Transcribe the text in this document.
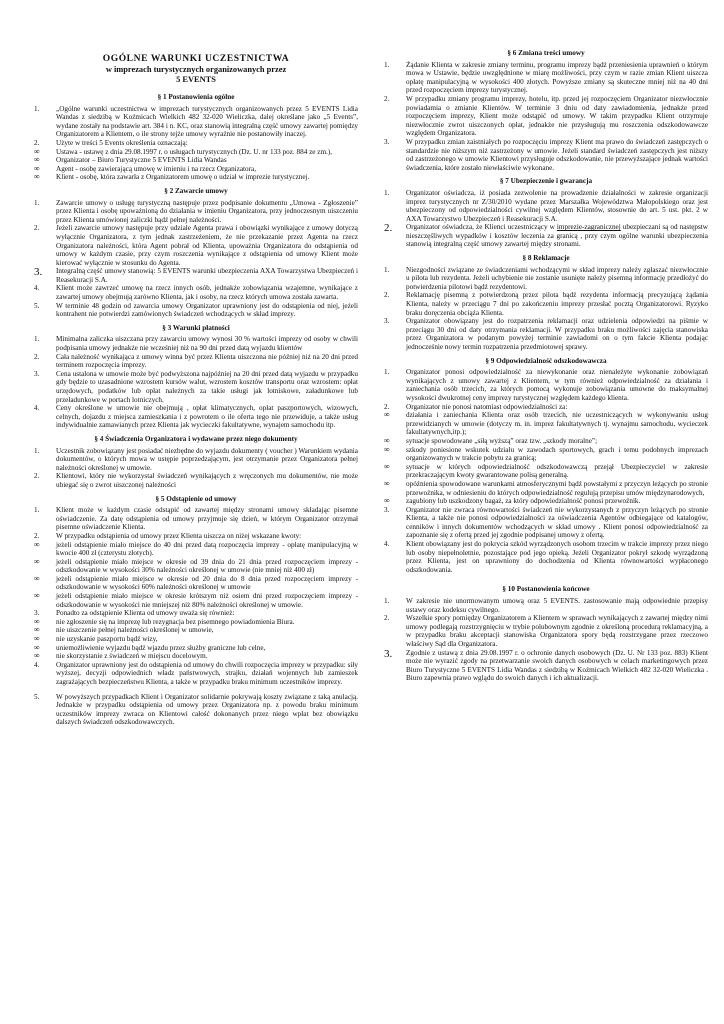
OGÓLNE WARUNKI UCZESTNICTWA
w imprezach turystycznych organizowanych przez
5 EVENTS
§ 1 Postanowienia ogólne
1.	„Ogólne warunki uczestnictwa w imprezach turystycznych organizowanych przez 5 EVENTS Lidia Wandas z siedzibą w Koźmicach Wielkich 482 32-020 Wieliczka, dalej określane jako „5 Events”, wydane zostały na podstawie art. 384 i n. KC, oraz stanowią integralną część umowy zawartej pomiędzy Organizatorem a Klientem, o ile strony tejże umowy wyraźnie nie postanowiły inaczej.
2.	Użyte w treści 5 Events określenia oznaczają:
∞	Ustawa - ustawę z dnia 29.08.1997 r. o usługach turystycznych (Dz. U. nr 133 poz. 884 ze zm.),
∞	Organizator – Biuro Turystyczne 5 EVENTS Lidia Wandas
∞	Agent - osobę zawierającą umowę w imieniu i na rzecz Organizatora,
∞	Klient - osobę, która zawarła z Organizatorem umowę o udział w imprezie turystycznej.
§ 2 Zawarcie umowy
1.	Zawarcie umowy o usługę turystyczną następuje przez podpisanie dokumentu „Umowa - Zgłoszenie” przez Klienta i osobę upoważnioną do działania w imieniu Organizatora, przy jednoczesnym uiszczeniu przez Klienta umówionej zaliczki bądź pełnej należności.
2.	Jeżeli zawarcie umowy następuje przy udziale Agenta prawa i obowiązki wynikające z umowy dotyczą wyłącznie Organizatora, z tym jednak zastrzeżeniem, że nie przekazanie przez Agenta na rzecz Organizatora należności, która Agent pobrał od Klienta, upoważnia Organizatora do odstąpienia od umowy w każdym czasie, przy czym roszczenia wynikające z odstąpienia od umowy Klient może kierować wyłącznie w stosunku do Agenta.
3.	Integralną część umowy stanowią: 5 EVENTS warunki ubezpieczenia AXA Towarzystwa Ubezpieczeń i Reasekuracji S.A.
4.	Klient może zawrzeć umowę na rzecz innych osób, jednakże zobowiązania wzajemne, wynikające z zawartej umowy obejmują zarówno Klienta, jak i osoby, na rzecz których umowa została zawarta.
5.	W terminie 48 godzin od zawarcia umowy Organizator uprawniony jest do odstąpienia od niej, jeżeli kontrahent nie potwierdzi zamówionych świadczeń wchodzących w skład imprezy.
§ 3 Warunki płatności
1.	Minimalna zaliczka uiszczana przy zawarciu umowy wynosi 30 % wartości imprezy od osoby w chwili podpisania umowy jednakże nie wcześniej niż na 90 dni przed datą wyjazdu klientów
2.	Cała należność wynikająca z umowy winna być przez Klienta uiszczona nie później niż na 20 dni przed terminem rozpoczęcia imprezy.
3.	Cena ustalona w umowie może być podwyższona najpóźniej na 20 dni przed datą wyjazdu w przypadku gdy będzie to uzasadnione wzrostem kursów walut, wzrostem kosztów transportu oraz wzrostem: opłat urzędowych, podatków lub opłat należnych za takie usługi jak lotniskowe, załadunkowe lub przeładunkowe w portach lotniczych.
4.	Ceny określone w umowie nie obejmują , opłat klimatycznych, opłat paszportowych, wizowych, celnych, dojazdu z miejsca zamieszkania i z powrotem o ile oferta tego nie przewiduje, a także usług indywidualnie zamawianych przez Klienta jak wycieczki fakultatywne, wynajem samochodu itp.
§ 4 Świadczenia Organizatora i wydawane przez niego dokumenty
1.	Uczestnik zobowiązany jest posiadać niezbędne do wyjazdu dokumenty ( voucher ) Warunkiem wydania dokumentów, o których mowa w ustępie poprzedzającym, jest otrzymanie przez Organizatora pełnej należności określonej w umowie.
2.	Klientowi, który nie wykorzystał świadczeń wynikających z wręczonych mu dokumentów, nie może ubiegać się o zwrot uiszczonej należności
§ 5 Odstąpienie od umowy
1.	Klient może w każdym czasie odstąpić od zawartej między stronami umowy składając pisemne oświadczenie. Za datę odstąpienia od umowy przyjmuje się dzień, w którym Organizator otrzymał pisemne oświadczenie Klienta.
2.	W przypadku odstąpienia od umowy przez Klienta uiszcza on niżej wskazane kwoty:
∞	jeżeli odstąpienie miało miejsce do 40 dni przed datą rozpoczęcia imprezy - opłatę manipulacyjną w kwocie 400 zł (czterystu złotych).
∞	jeżeli odstąpienie miało miejsce w okresie od 39 dnia do 21 dnia przed rozpoczęciem imprezy - odszkodowanie w wysokości 30% należności określonej w umowie (nie mniej niż 400 zł)
∞	jeżeli odstąpienie miało miejsce w okresie od 20 dnia do 8 dnia przed rozpoczęciem imprezy - odszkodowanie w wysokości 60% należności określonej w umowie
∞	jeżeli odstąpienie miało miejsce w okresie krótszym niż osiem dni przed rozpoczęciem imprezy - odszkodowanie w wysokości nie mniejszej niż 80% należności określonej w umowie.
3.	Ponadto za odstąpienie Klienta od umowy uważa się również:
∞	nie zgłoszenie się na imprezę lub rezygnacja bez pisemnego powiadomienia Biura.
∞	nie uiszczenie pełnej należności określonej w umowie,
∞	nie uzyskanie paszportu bądź wizy,
∞	uniemożliwienie wyjazdu bądź wjazdu przez służby graniczne lub celne,
∞	nie skorzystanie z świadczeń w miejscu docelowym.
4.	Organizator uprawniony jest do odstąpienia od umowy do chwili rozpoczęcia imprezy w przypadku: siły wyższej, decyzji odpowiednich władz państwowych, strajku, działań wojennych lub zamieszek zagrażających bezpieczeństwu Klienta, a także w przypadku braku minimum uczestników imprezy.
5.	W powyższych przypadkach Klient i Organizator solidarnie pokrywają koszty związane z taką anulacją. Jednakże w przypadku odstąpienia od umowy przez Organizatora np. z powodu braku minimum uczestników imprezy zwraca on Klientowi całość dokonanych przez niego wpłat bez obowiązku dalszych świadczeń odszkodowawczych.
§ 6 Zmiana treści umowy
1.	Żądanie Klienta w zakresie zmiany terminu, programu imprezy bądź przeniesienia uprawnień o którym mowa w Ustawie, będzie uwzględnione w miarę możliwości, przy czym w razie zmian Klient uiszcza opłatę manipulacyjną w wysokości 400 złotych. Powyższe zmiany są skuteczne mniej niż na 40 dni przed rozpoczęciem imprezy turystycznej.
2.	W przypadku zmiany programu imprezy, hotelu, itp. przed jej rozpoczęciem Organizator niezwłocznie powiadamia o zmianie Klientów. W terminie 3 dniu od daty zawiadomienia, jednakże przed rozpoczęciem imprezy, Klient może odstąpić od umowy. W takim przypadku Klient otrzymuje niezwłocznie zwrot uiszczonych opłat, jednakże nie przysługują mu roszczenia odszkodowawcze względem Organizatora.
3.	W przypadku zmian zaistniałych po rozpoczęciu imprezy Klient ma prawo do świadczeń zastępczych o standardzie nie niższym niż zastrzeżony w umowie. Jeżeli standard świadczeń zastępczych jest niższy od zastrzeżonego w umowie Klientowi przysługuje odszkodowanie, nie przewyższające jednak wartości świadczenia, które zostało niewłaściwie wykonane.
§ 7 Ubezpieczenie i gwarancja
1.	Organizator oświadcza, iż posiada zezwolenie na prowadzenie działalności w zakresie organizacji imprez turystycznych nr Z/30/2010 wydane przez Marszałka Województwa Małopolskiego oraz jest ubezpieczony od odpowiedzialności cywilnej względem Klientów, stosownie do art. 5 ust. pkt. 2 w AXA Towarzystwo Ubezpieczeń i Reasekuracji S.A.
2.	Organizator oświadcza, że Klienci uczestniczący w imprezie-zagranicznej ubezpieczani są od następstw nieszczęśliwych wypadków i kosztów leczenia za granicą , przy czym ogólne warunki ubezpieczenia stanowią integralną część umowy zawartej między stronami.
§ 8 Reklamacje
1.	Niezgodności związane ze świadczeniami wchodzącymi w skład imprezy należy zgłaszać niezwłocznie u pilota lub rezydenta. Jeżeli uchybienie nie zostanie usunięte należy pisemną informację przedłożyć do potwierdzenia pilotowi bądź rezydentowi.
2.	Reklamację pisemną z potwierdzoną przez pilota bądź rezydenta informacją precyzującą żądania Klienta, należy w przeciągu 7 dni po zakończeniu imprezy przesłać pocztą Organizatorowi. Ryzyko braku doręczenia obciąża Klienta.
3.	Organizator obowiązany jest do rozpatrzenia reklamacji oraz udzielenia odpowiedzi na piśmie w przeciągu 30 dni od daty otrzymania reklamacji. W przypadku braku możliwości zajęcia stanowiska przez Organizatora w podanym powyżej terminie zawiadomi on o tym fakcie Klienta podając jednocześnie nowy termin rozpatrzenia przedmiotowej sprawy.
§ 9 Odpowiedzialność odszkodowawcza
1.	Organizator ponosi odpowiedzialność za niewykonanie oraz nienależyte wykonanie zobowiązań wynikających z umowy zawartej z Klientem, w tym również odpowiedzialność za działania i zaniechania osób trzecich, za których pomocą wykonuje zobowiązania umowne do maksymalnej wysokości dwukrotnej ceny imprezy turystycznej względem każdego klienta.
2.	Organizator nie ponosi natomiast odpowiedzialności za:
∞	działania i zaniechania Klienta oraz osób trzecich, nie uczestniczących w wykonywaniu usług przewidzianych w umowie (dotyczy m. in. imprez fakultatywnych tj. wynajmu samochodu, wycieczek fakultatywnych,itp.);
∞	sytuacje spowodowane „siłą wyższą” oraz tzw. „szkody moralne”;
∞	szkody poniesione wskutek udziału w zawodach sportowych, grach i temu podobnych imprezach organizowanych w trakcie pobytu za granicą;
∞	sytuacje w których odpowiedzialność odszkodowawczą przejął Ubezpieczyciel w zakresie przekraczającym kwoty gwarantowane polisą generalną.
∞	opóźnienia spowodowane warunkami atmosferycznymi bądź powstałymi z przyczyn leżących po stronie przewoźnika, w odniesieniu do których odpowiedzialność regulują przepisu umów międzynarodowych,
∞	zagubiony lub uszkodzony bagaż, za który odpowiedzialność ponosi przewoźnik.
3.	Organizator nie zwraca równowartości świadczeń nie wykorzystanych z przyczyn leżących po stronie Klienta, a także nie ponosi odpowiedzialności za oświadczenia Agentów odbiegające od katalogów, cenników i innych dokumentów wchodzących w skład umowy . Klient ponosi odpowiedzialność za zapoznanie się z ofertą przed jej zgodnie podpisanej umowy z ofertą.
4.	Klient obowiązany jest do pokrycia szkód wyrządzonych osobom trzecim w trakcie imprezy przez niego lub osoby niepełnoletnie, pozostające pod jego opieką. Jeżeli Organizator pokrył szkodę wyrządzoną przez Klienta, jest on uprawniony do dochodzenia od Klienta równowartości wypłaconego odszkodowania.
§ 10 Postanowienia końcowe
1.	W zakresie nie unormowanym umową oraz 5 EVENTS. zastosowanie mają odpowiednie przepisy ustawy oraz kodeksu cywilnego.
2.	Wszelkie spory pomiędzy Organizatorem a Klientem w sprawach wynikających z zawartej między nimi umowy podlegają rozstrzygnięciu w trybie polubownym zgodnie z określoną procedurą reklamacyjną, a w przypadku braku akceptacji stanowiska Organizatora spory będą rozstrzygane przez rzeczowo właściwy Sąd dla Organizatora.
3.	Zgodnie z ustawą z dnia 29.08.1997 r. o ochronie danych osobowych (Dz. U. Nr 133 poz. 883) Klient może nie wyrazić zgody na przetwarzanie swoich danych osobowych w celach marketingowych przez Biuro Turystyczne 5 EVENTS Lidia Wandas z siedzibą w Koźmicach Wielkich 482 32-020 Wieliczka . Biuro zapewnia prawo wglądu do swoich danych i ich aktualizacji.
